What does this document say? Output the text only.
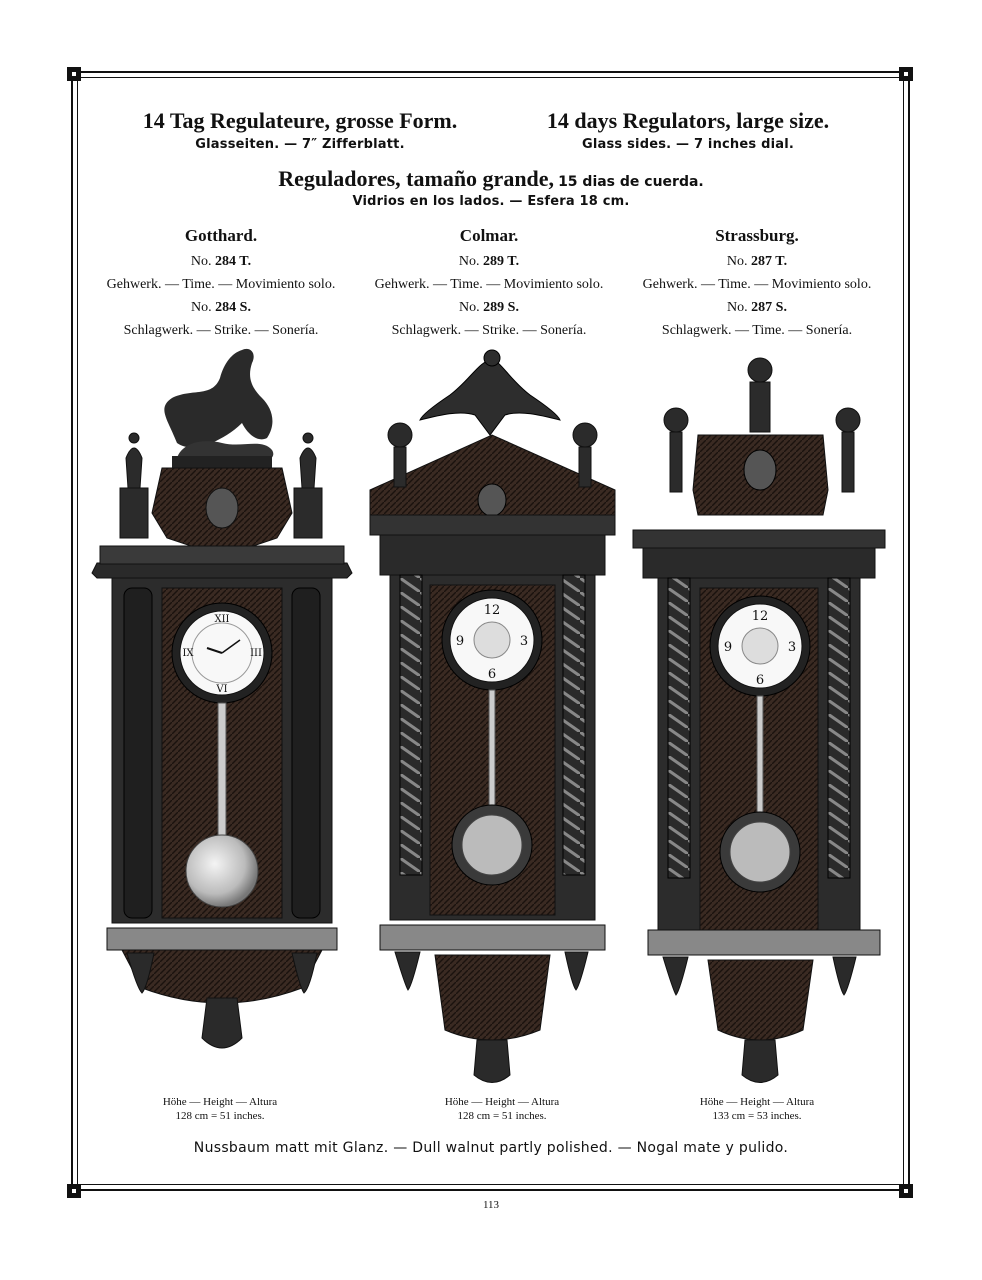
14 Tag Regulateure, grosse Form.
Glasseiten. — 7″ Zifferblatt.
14 days Regulators, large size.
Glass sides. — 7 inches dial.
Reguladores, tamaño grande, 15 dias de cuerda.
Vidrios en los lados. — Esfera 18 cm.
Gotthard.
No. 284 T.
Gehwerk. — Time. — Movimiento solo.
No. 284 S.
Schlagwerk. — Strike. — Sonería.
Colmar.
No. 289 T.
Gehwerk. — Time. — Movimiento solo.
No. 289 S.
Schlagwerk. — Strike. — Sonería.
Strassburg.
No. 287 T.
Gehwerk. — Time. — Movimiento solo.
No. 287 S.
Schlagwerk. — Time. — Sonería.
XII
VI
IX	III
12
6
9	3
12
6
9	3
Höhe — Height — Altura
128 cm = 51 inches.
Höhe — Height — Altura
128 cm = 51 inches.
Höhe — Height — Altura
133 cm = 53 inches.
Nussbaum matt mit Glanz. — Dull walnut partly polished. — Nogal mate y pulido.
113
